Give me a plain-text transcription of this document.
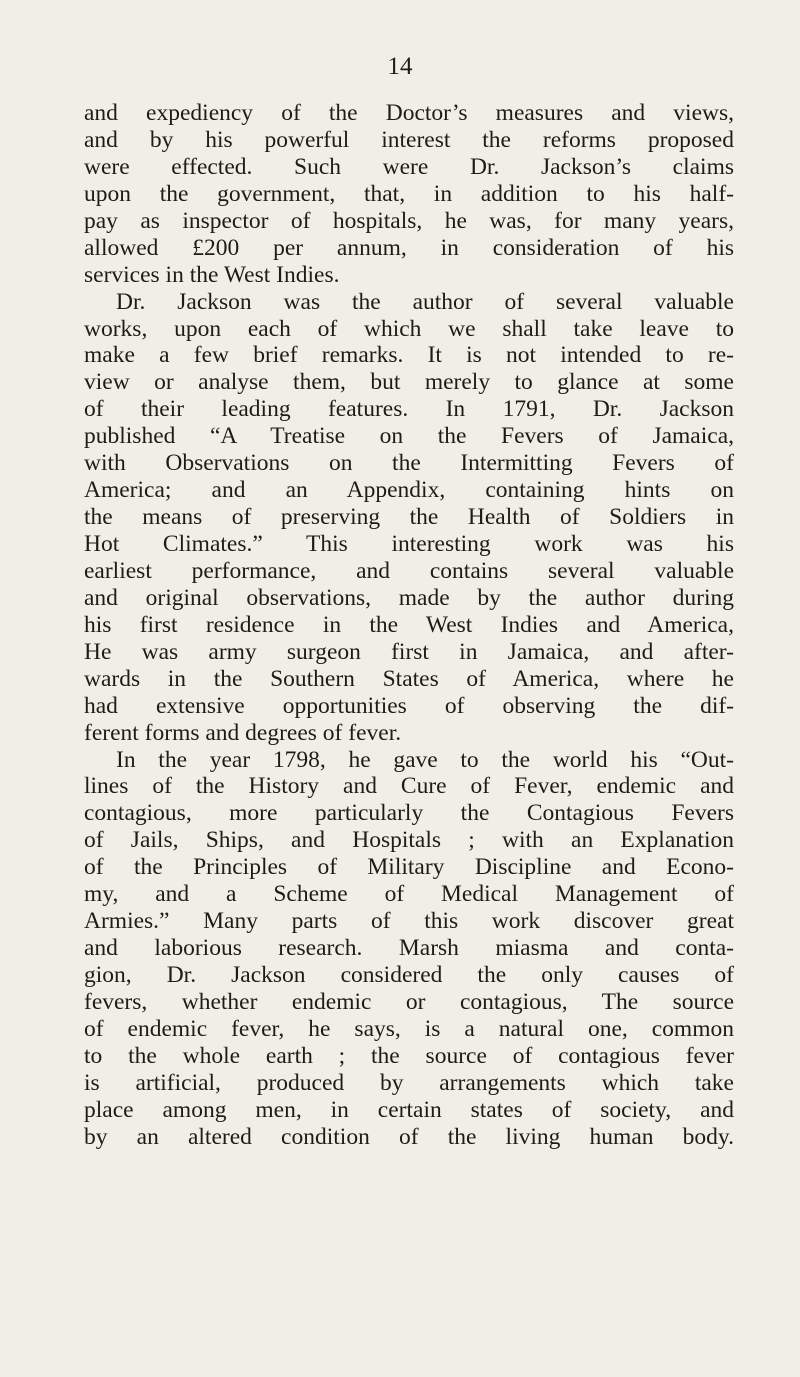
14
and expediency of the Doctor’s measures and views,
and by his powerful interest the reforms proposed
were effected. Such were Dr. Jackson’s claims
upon the government, that, in addition to his half-
pay as inspector of hospitals, he was, for many years,
allowed £200 per annum, in consideration of his
services in the West Indies.
Dr. Jackson was the author of several valuable
works, upon each of which we shall take leave to
make a few brief remarks. It is not intended to re-
view or analyse them, but merely to glance at some
of their leading features. In 1791, Dr. Jackson
published “A Treatise on the Fevers of Jamaica,
with Observations on the Intermitting Fevers of
America; and an Appendix, containing hints on
the means of preserving the Health of Soldiers in
Hot Climates.” This interesting work was his
earliest performance, and contains several valuable
and original observations, made by the author during
his first residence in the West Indies and America,
He was army surgeon first in Jamaica, and after-
wards in the Southern States of America, where he
had extensive opportunities of observing the dif-
ferent forms and degrees of fever.
In the year 1798, he gave to the world his “Out-
lines of the History and Cure of Fever, endemic and
contagious, more particularly the Contagious Fevers
of Jails, Ships, and Hospitals ; with an Explanation
of the Principles of Military Discipline and Econo-
my, and a Scheme of Medical Management of
Armies.” Many parts of this work discover great
and laborious research. Marsh miasma and conta-
gion, Dr. Jackson considered the only causes of
fevers, whether endemic or contagious, The source
of endemic fever, he says, is a natural one, common
to the whole earth ; the source of contagious fever
is artificial, produced by arrangements which take
place among men, in certain states of society, and
by an altered condition of the living human body.
